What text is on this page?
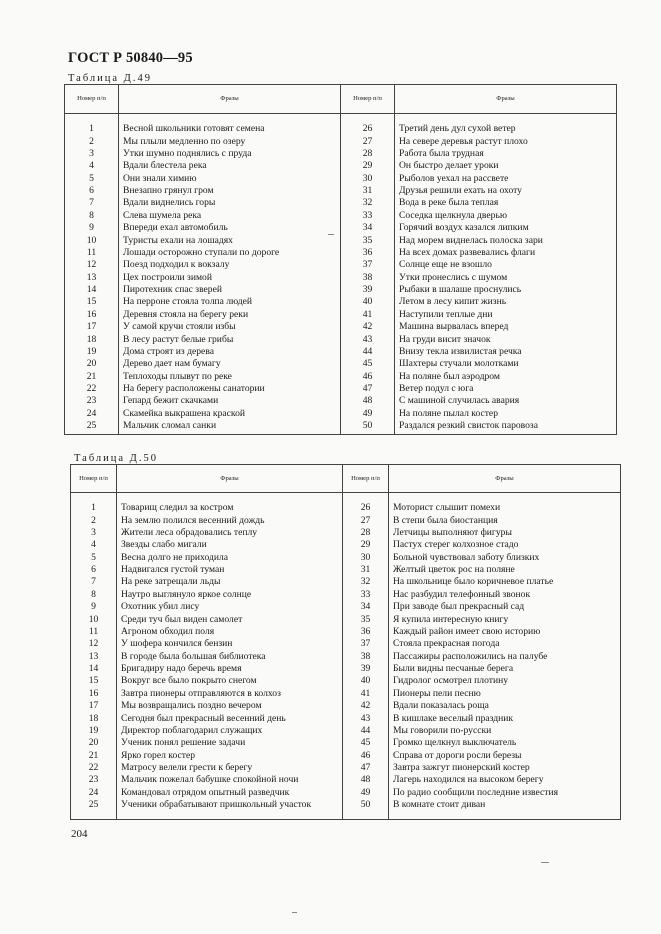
ГОСТ Р 50840—95
Таблица Д.49
Номер п/п	Фразы	Номер п/п	Фразы

1	Весной школьники готовят семена	26	Третий день дул сухой ветер
2	Мы плыли медленно по озеру	27	На севере деревья растут плохо
3	Утки шумно поднялись с пруда	28	Работа была трудная
4	Вдали блестела река	29	Он быстро делает уроки
5	Они знали химию	30	Рыболов уехал на рассвете
6	Внезапно грянул гром	31	Друзья решили ехать на охоту
7	Вдали виднелись горы	32	Вода в реке была теплая
8	Слева шумела река	33	Соседка щелкнула дверью
9	Впереди ехал автомобиль	34	Горячий воздух казался липким
10	Туристы ехали на лошадях	35	Над морем виднелась полоска зари
11	Лошади осторожно ступали по дороге	36	На всех домах развевались флаги
12	Поезд подходил к вокзалу	37	Солнце еще не взошло
13	Цех построили зимой	38	Утки пронеслись с шумом
14	Пиротехник спас зверей	39	Рыбаки в шалаше проснулись
15	На перроне стояла толпа людей	40	Летом в лесу кипит жизнь
16	Деревня стояла на берегу реки	41	Наступили теплые дни
17	У самой кручи стояли избы	42	Машина вырвалась вперед
18	В лесу растут белые грибы	43	На груди висит значок
19	Дома строят из дерева	44	Внизу текла извилистая речка
20	Дерево дает нам бумагу	45	Шахтеры стучали молотками
21	Теплоходы плывут по реке	46	На поляне был аэродром
22	На берегу расположены санатории	47	Ветер подул с юга
23	Гепард бежит скачками	48	С машиной случилась авария
24	Скамейка выкрашена краской	49	На поляне пылал костер
25	Мальчик сломал санки	50	Раздался резкий свисток паровоза
Таблица Д.50
Номер п/п	Фразы	Номер п/п	Фразы

1	Товарищ следил за костром	26	Моторист слышит помехи
2	На землю полился весенний дождь	27	В степи была биостанция
3	Жители леса обрадовались теплу	28	Летчицы выполняют фигуры
4	Звезды слабо мигали	29	Пастух стерег колхозное стадо
5	Весна долго не приходила	30	Больной чувствовал заботу близких
6	Надвигался густой туман	31	Желтый цветок рос на поляне
7	На реке затрещали льды	32	На школьнице было коричневое платье
8	Наутро выглянуло яркое солнце	33	Нас разбудил телефонный звонок
9	Охотник убил лису	34	При заводе был прекрасный сад
10	Среди туч был виден самолет	35	Я купила интересную книгу
11	Агроном обходил поля	36	Каждый район имеет свою историю
12	У шофера кончился бензин	37	Стояла прекрасная погода
13	В городе была большая библиотека	38	Пассажиры расположились на палубе
14	Бригадиру надо беречь время	39	Были видны песчаные берега
15	Вокруг все было покрыто снегом	40	Гидролог осмотрел плотину
16	Завтра пионеры отправляются в колхоз	41	Пионеры пели песню
17	Мы возвращались поздно вечером	42	Вдали показалась роща
18	Сегодня был прекрасный весенний день	43	В кишлаке веселый праздник
19	Директор поблагодарил служащих	44	Мы говорили по-русски
20	Ученик понял решение задачи	45	Громко щелкнул выключатель
21	Ярко горел костер	46	Справа от дороги росли березы
22	Матросу велели грести к берегу	47	Завтра зажгут пионерский костер
23	Мальчик пожелал бабушке спокойной ночи	48	Лагерь находился на высоком берегу
24	Командовал отрядом опытный разведчик	49	По радио сообщили последние известия
25	Ученики обрабатывают пришкольный участок	50	В комнате стоит диван
204
